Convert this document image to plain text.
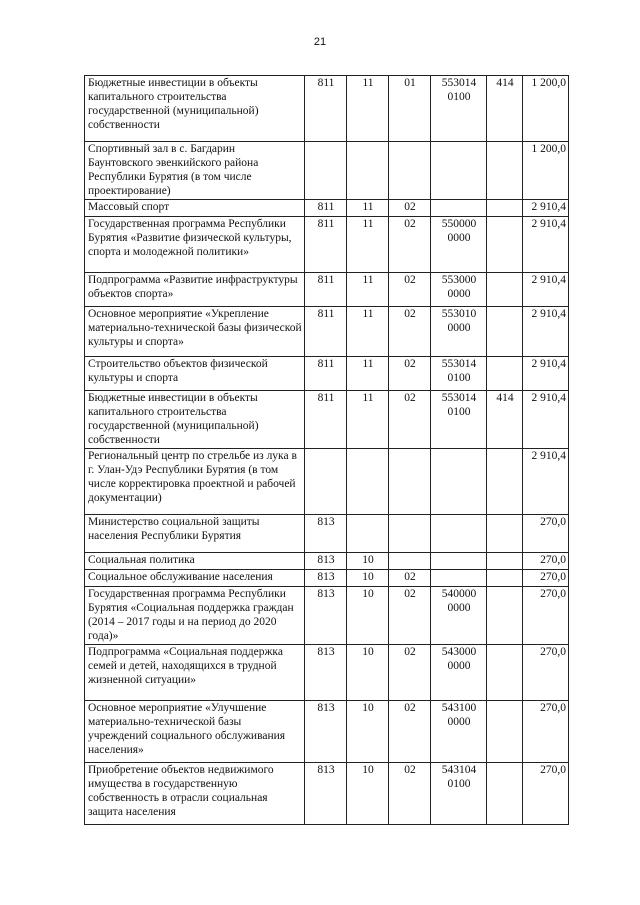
21
Бюджетные инвестиции в объекты капитального строительства государственной (муниципальной) собственности	811	11	01	553014 0100	414	1 200,0
Спортивный зал в с. Багдарин Баунтовского эвенкийского района Республики Бурятия (в том числе проектирование)						1 200,0
Массовый спорт	811	11	02			2 910,4
Государственная программа Республики Бурятия «Развитие физической культуры, спорта и молодежной политики»	811	11	02	550000 0000		2 910,4
Подпрограмма «Развитие инфраструктуры объектов спорта»	811	11	02	553000 0000		2 910,4
Основное мероприятие «Укрепление материально-технической базы физической культуры и спорта»	811	11	02	553010 0000		2 910,4
Строительство объектов физической культуры и спорта	811	11	02	553014 0100		2 910,4
Бюджетные инвестиции в объекты капитального строительства государственной (муниципальной) собственности	811	11	02	553014 0100	414	2 910,4
Региональный центр по стрельбе из лука в г. Улан-Удэ Республики Бурятия (в том числе корректировка проектной и рабочей документации)						2 910,4
Министерство социальной защиты населения Республики Бурятия	813					270,0
Социальная политика	813	10				270,0
Социальное обслуживание населения	813	10	02			270,0
Государственная программа Республики Бурятия «Социальная поддержка граждан (2014 – 2017 годы и на период до 2020 года)»	813	10	02	540000 0000		270,0
Подпрограмма «Социальная поддержка семей и детей, находящихся в трудной жизненной ситуации»	813	10	02	543000 0000		270,0
Основное мероприятие «Улучшение материально-технической базы учреждений социального обслуживания населения»	813	10	02	543100 0000		270,0
Приобретение объектов недвижимого имущества в государственную собственность в отрасли социальная защита населения	813	10	02	543104 0100		270,0
